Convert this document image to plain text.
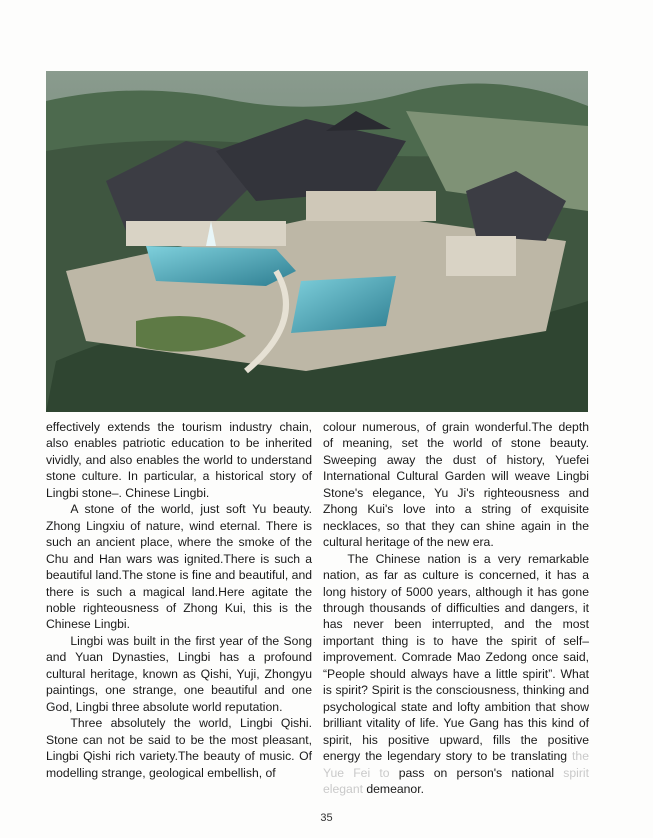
effectively extends the tourism industry chain, also enables patriotic education to be inherited vividly, and also enables the world to understand stone culture. In particular, a historical story of Lingbi stone–. Chinese Lingbi.

A stone of the world, just soft Yu beauty. Zhong Lingxiu of nature, wind eternal. There is such an ancient place, where the smoke of the Chu and Han wars was ignited.There is such a beautiful land.The stone is fine and beautiful, and there is such a magical land.Here agitate the noble righteousness of Zhong Kui, this is the Chinese Lingbi.

Lingbi was built in the first year of the Song and Yuan Dynasties, Lingbi has a profound cultural heritage, known as Qishi, Yuji, Zhongyu paintings, one strange, one beautiful and one God, Lingbi three absolute world reputation.

Three absolutely the world, Lingbi Qishi. Stone can not be said to be the most pleasant, Lingbi Qishi rich variety.The beauty of music. Of modelling strange, geological embellish, of

colour numerous, of grain wonderful.The depth of meaning, set the world of stone beauty. Sweeping away the dust of history, Yuefei International Cultural Garden will weave Lingbi Stone's elegance, Yu Ji's righteousness and Zhong Kui's love into a string of exquisite necklaces, so that they can shine again in the cultural heritage of the new era.

The Chinese nation is a very remarkable nation, as far as culture is concerned, it has a long history of 5000 years, although it has gone through thousands of difficulties and dangers, it has never been interrupted, and the most important thing is to have the spirit of self–improvement. Comrade Mao Zedong once said, “People should always have a little spirit”. What is spirit? Spirit is the consciousness, thinking and psychological state and lofty ambition that show brilliant vitality of life. Yue Gang has this kind of spirit, his positive upward, fills the positive energy the legendary story to be translating the Yue Fei to pass on person's national spirit elegant demeanor.

35
